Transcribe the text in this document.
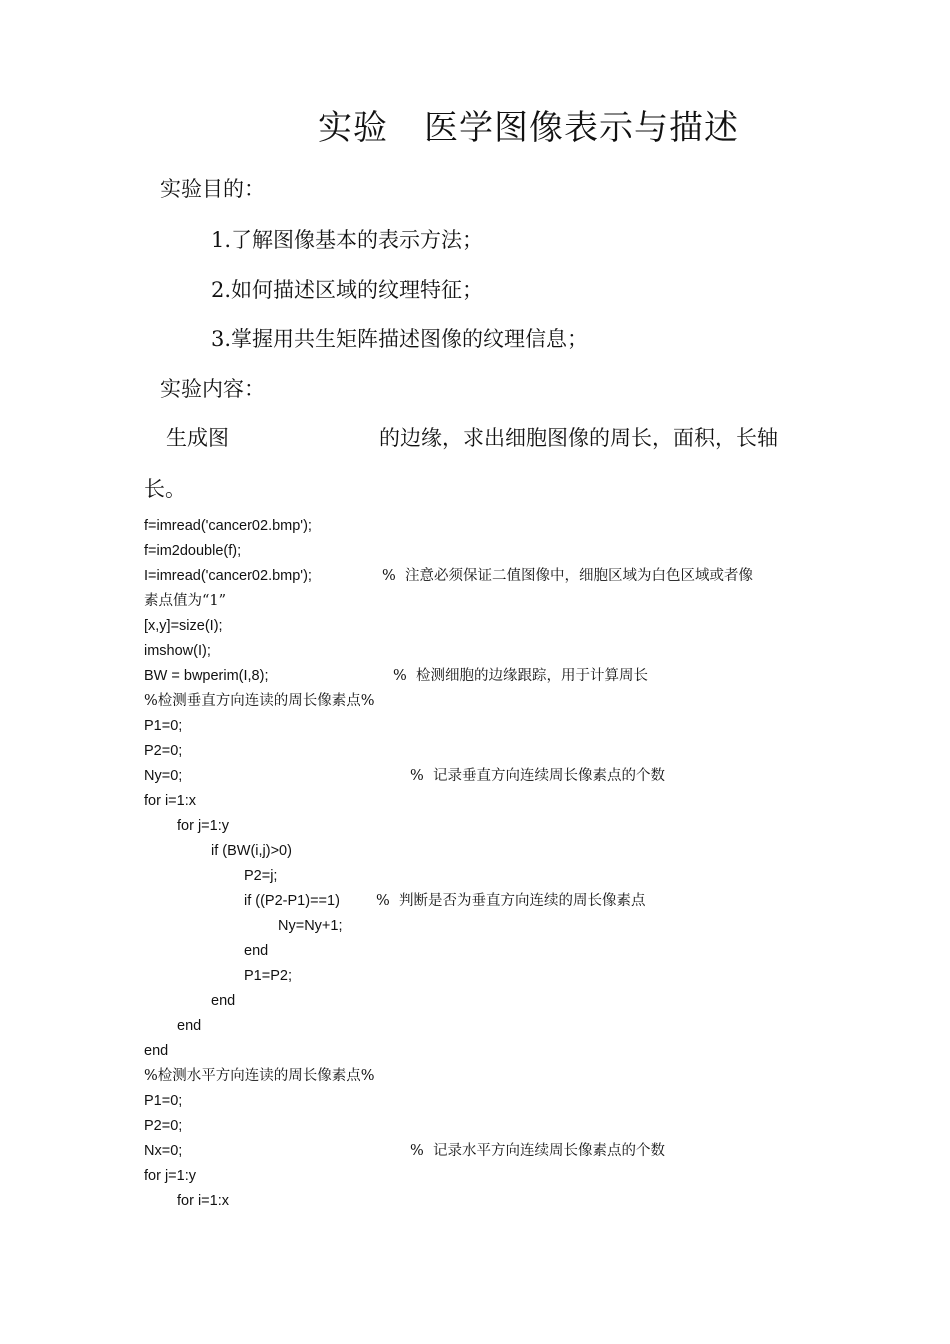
实验 医学图像表示与描述
实验目的：
1.了解图像基本的表示方法；
2.如何描述区域的纹理特征；
3.掌握用共生矩阵描述图像的纹理信息；
实验内容：
生成图	的边缘，求出细胞图像的周长，面积，长轴
长。
f=imread('cancer02.bmp');
f=im2double(f);
I=imread('cancer02.bmp');	%  注意必须保证二值图像中，细胞区域为白色区域或者像
素点值为“1”
[x,y]=size(I);
imshow(I);
BW = bwperim(I,8);	%  检测细胞的边缘跟踪，用于计算周长
%检测垂直方向连读的周长像素点%
P1=0;
P2=0;
Ny=0;	%  记录垂直方向连续周长像素点的个数
for i=1:x
for j=1:y
if (BW(i,j)>0)
P2=j;
if ((P2-P1)==1) %  判断是否为垂直方向连续的周长像素点
Ny=Ny+1;
end
P1=P2;
end
end
end
%检测水平方向连读的周长像素点%
P1=0;
P2=0;
Nx=0;	%  记录水平方向连续周长像素点的个数
for j=1:y
for i=1:x
